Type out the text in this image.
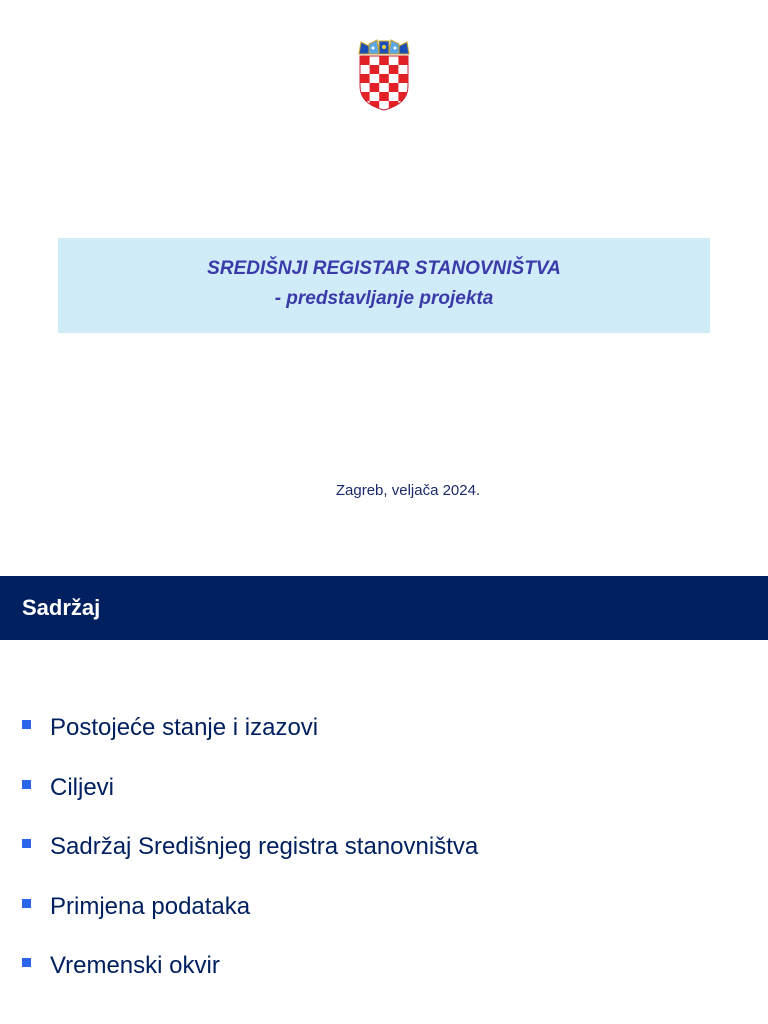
SREDIŠNJI REGISTAR STANOVNIŠTVA
- predstavljanje projekta
Zagreb, veljača 2024.
Sadržaj
Postojeće stanje i izazovi
Ciljevi
Sadržaj Središnjeg registra stanovništva
Primjena podataka
Vremenski okvir
